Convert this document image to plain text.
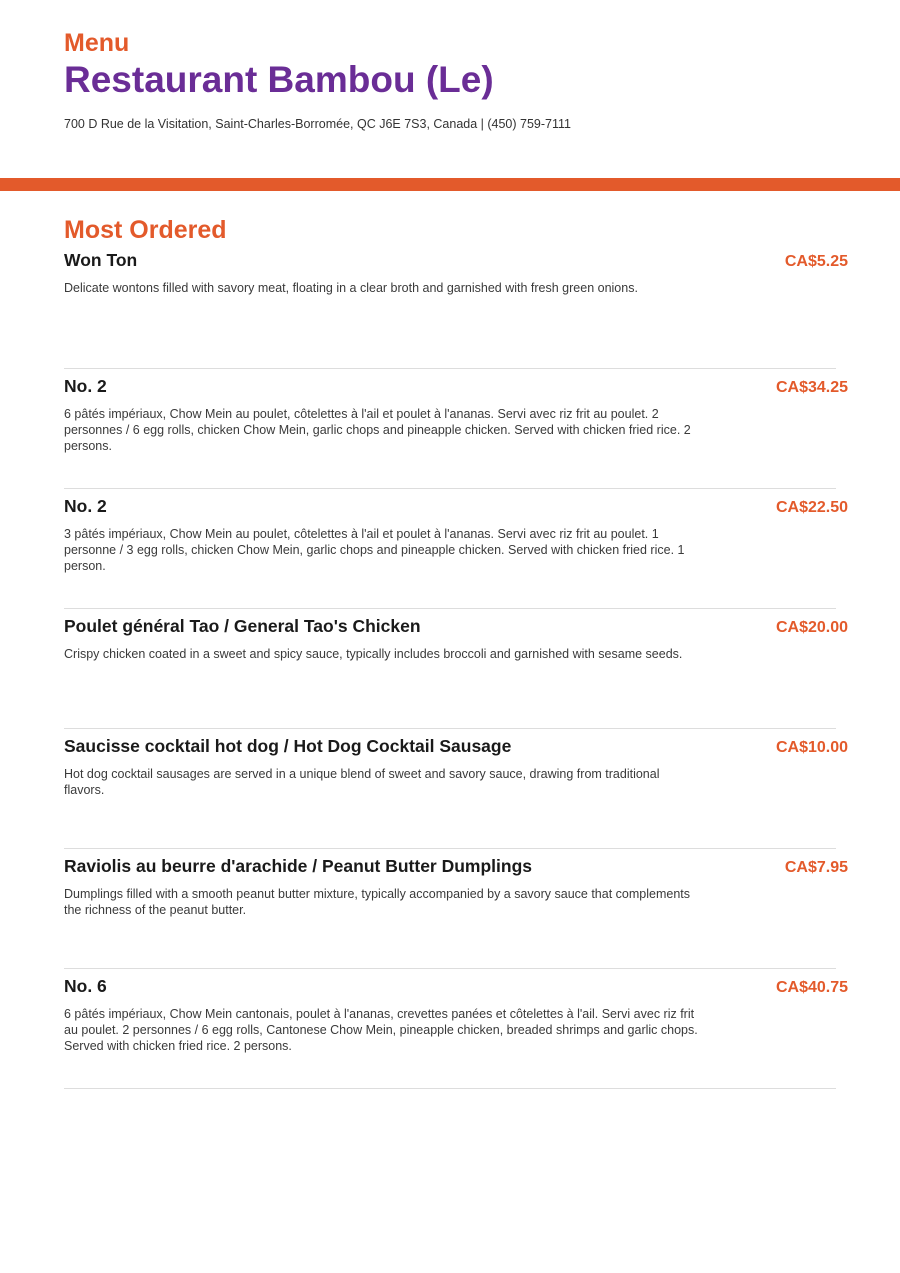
Menu
Restaurant Bambou (Le)
700 D Rue de la Visitation, Saint-Charles-Borromée, QC J6E 7S3, Canada | (450) 759-7111
Most Ordered
Won Ton	CA$5.25
Delicate wontons filled with savory meat, floating in a clear broth and garnished with fresh green onions.
No. 2	CA$34.25
6 pâtés impériaux, Chow Mein au poulet, côtelettes à l'ail et poulet à l'ananas. Servi avec riz frit au poulet. 2 personnes / 6 egg rolls, chicken Chow Mein, garlic chops and pineapple chicken. Served with chicken fried rice. 2 persons.
No. 2	CA$22.50
3 pâtés impériaux, Chow Mein au poulet, côtelettes à l'ail et poulet à l'ananas. Servi avec riz frit au poulet. 1 personne / 3 egg rolls, chicken Chow Mein, garlic chops and pineapple chicken. Served with chicken fried rice. 1 person.
Poulet général Tao / General Tao's Chicken	CA$20.00
Crispy chicken coated in a sweet and spicy sauce, typically includes broccoli and garnished with sesame seeds.
Saucisse cocktail hot dog / Hot Dog Cocktail Sausage	CA$10.00
Hot dog cocktail sausages are served in a unique blend of sweet and savory sauce, drawing from traditional flavors.
Raviolis au beurre d'arachide / Peanut Butter Dumplings	CA$7.95
Dumplings filled with a smooth peanut butter mixture, typically accompanied by a savory sauce that complements the richness of the peanut butter.
No. 6	CA$40.75
6 pâtés impériaux, Chow Mein cantonais, poulet à l'ananas, crevettes panées et côtelettes à l'ail. Servi avec riz frit au poulet. 2 personnes / 6 egg rolls, Cantonese Chow Mein, pineapple chicken, breaded shrimps and garlic chops. Served with chicken fried rice. 2 persons.
